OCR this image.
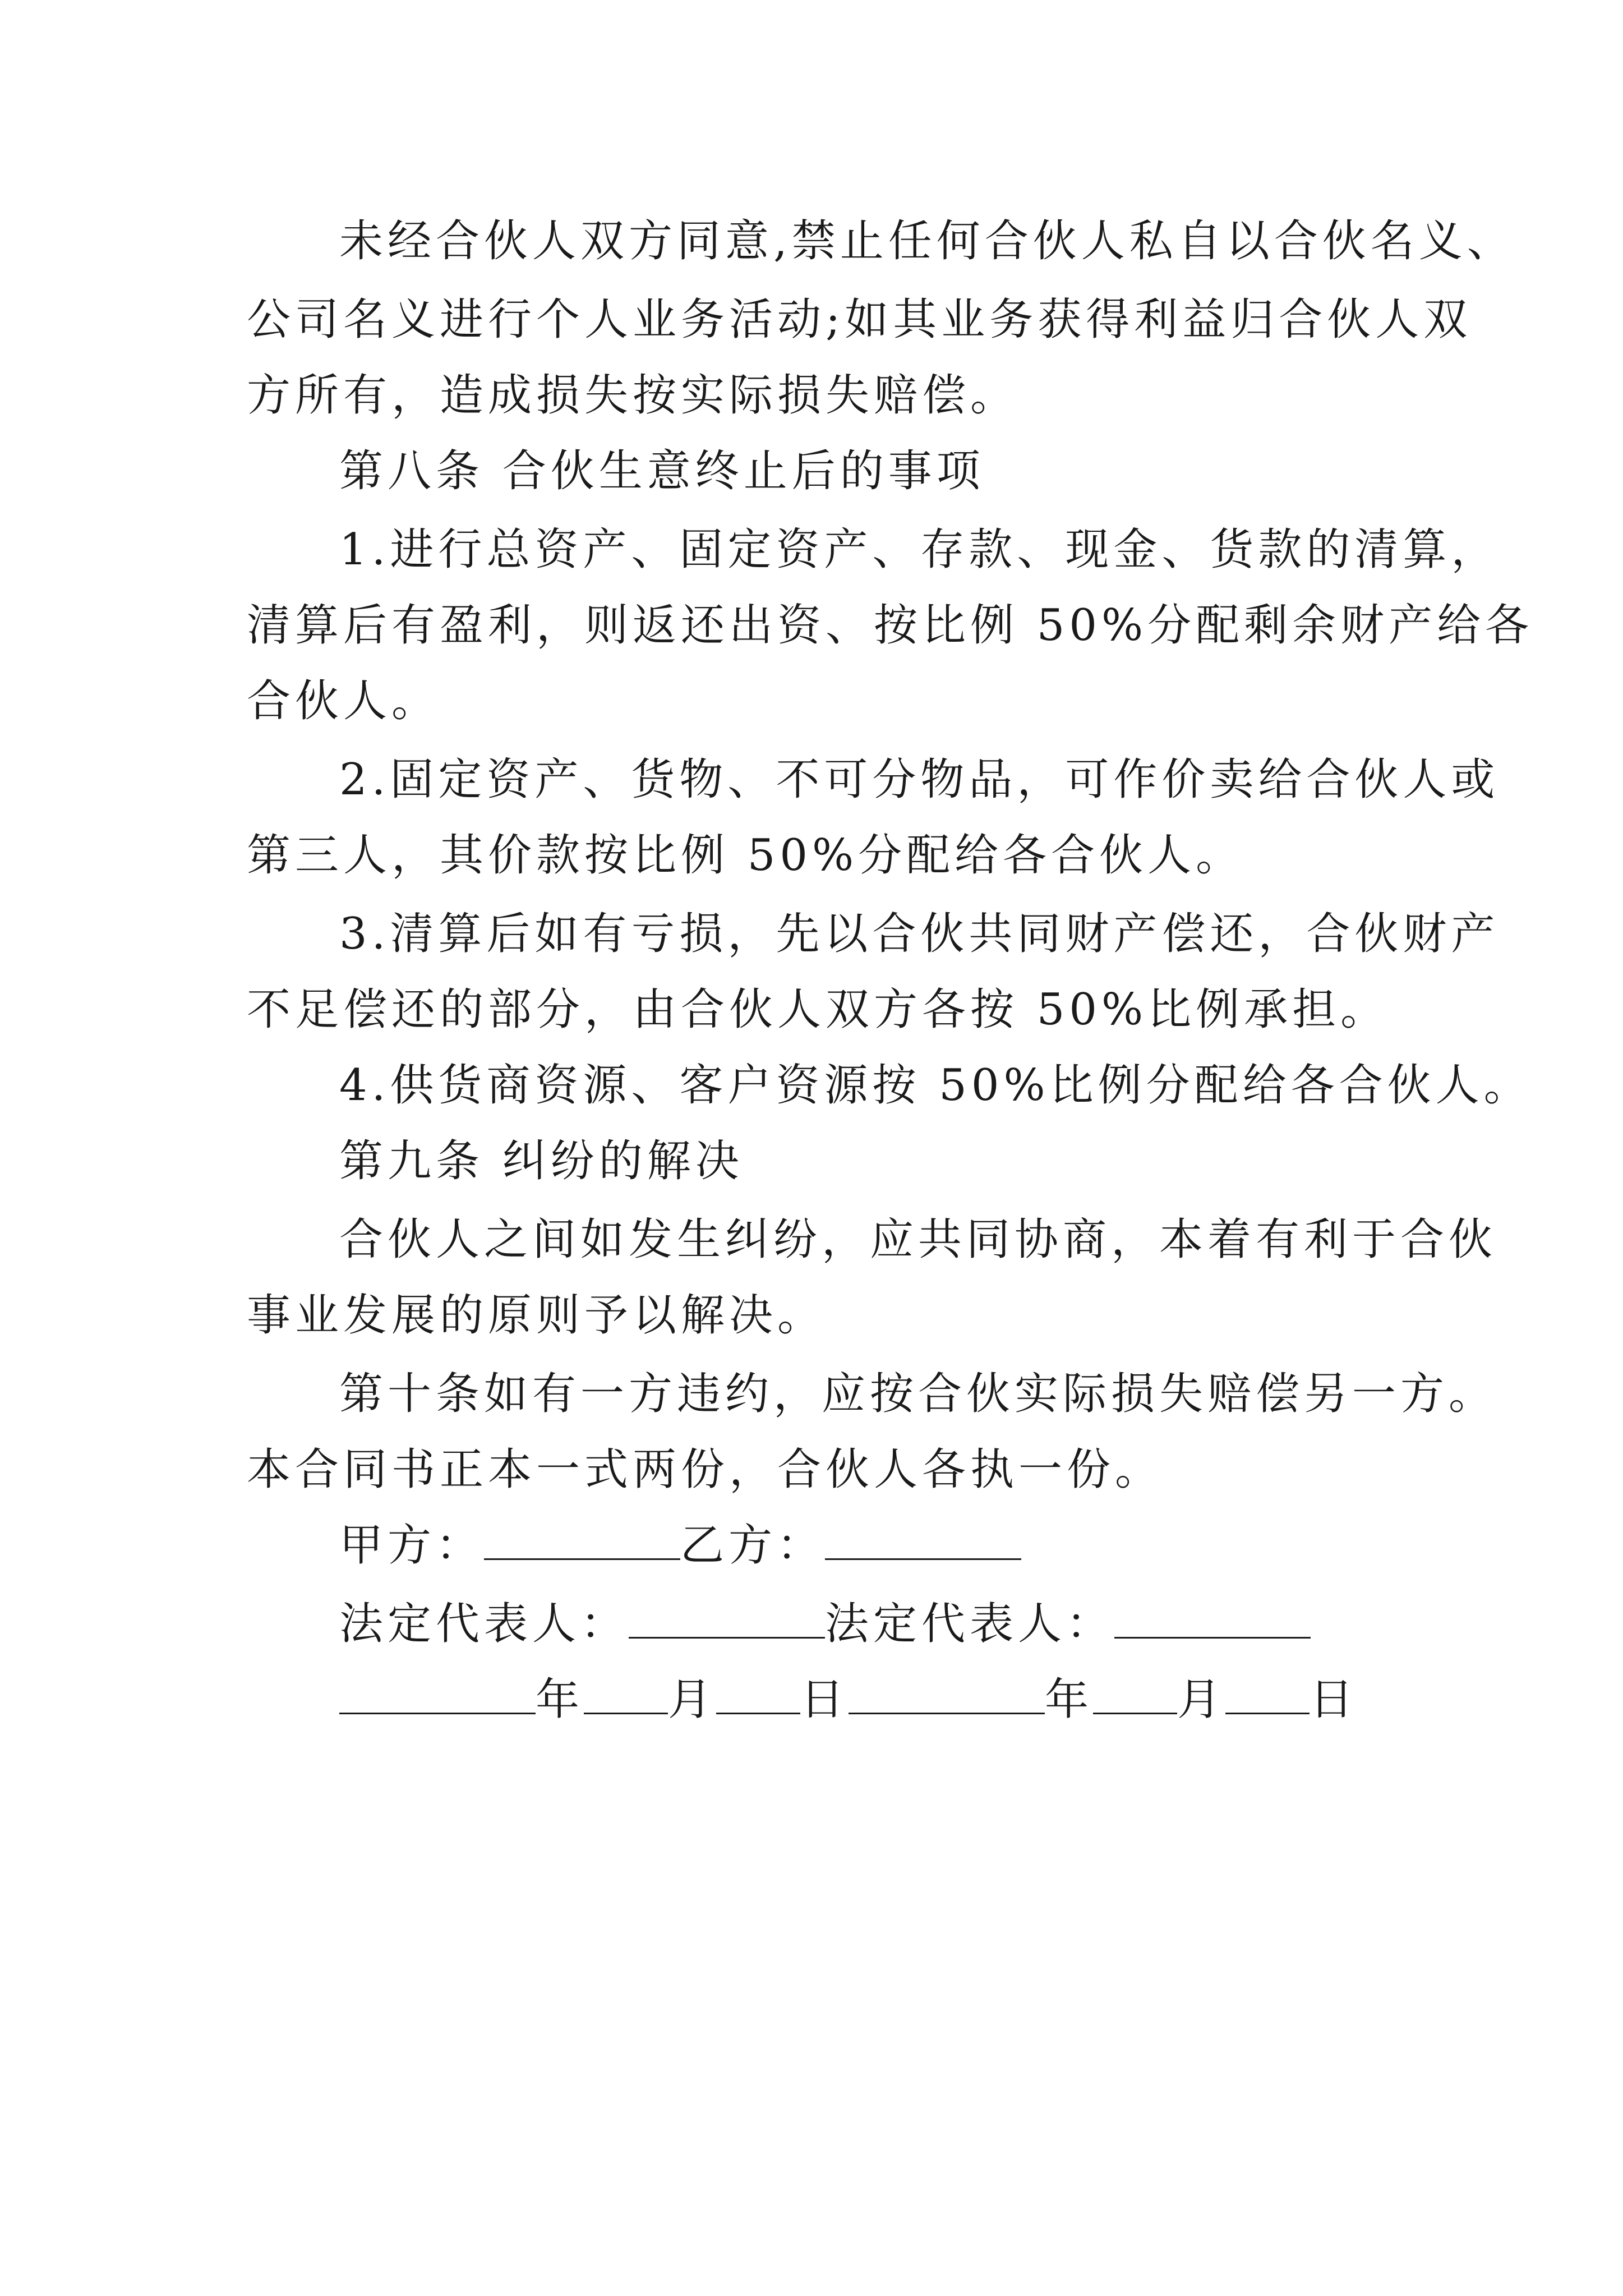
未经合伙人双方同意,禁止任何合伙人私自以合伙名义、
公司名义进行个人业务活动;如其业务获得利益归合伙人双
方所有，造成损失按实际损失赔偿。
第八条 合伙生意终止后的事项
1.进行总资产、固定资产、存款、现金、货款的清算，
清算后有盈利，则返还出资、按比例 50%分配剩余财产给各
合伙人。
2.固定资产、货物、不可分物品，可作价卖给合伙人或
第三人，其价款按比例 50%分配给各合伙人。
3.清算后如有亏损，先以合伙共同财产偿还，合伙财产
不足偿还的部分，由合伙人双方各按 50%比例承担。
4.供货商资源、客户资源按 50%比例分配给各合伙人。
第九条 纠纷的解决
合伙人之间如发生纠纷，应共同协商，本着有利于合伙
事业发展的原则予以解决。
第十条如有一方违约，应按合伙实际损失赔偿另一方。
本合同书正本一式两份，合伙人各执一份。
甲方：	乙方：
法定代表人：	法定代表人：
年 月 日	年 月 日
